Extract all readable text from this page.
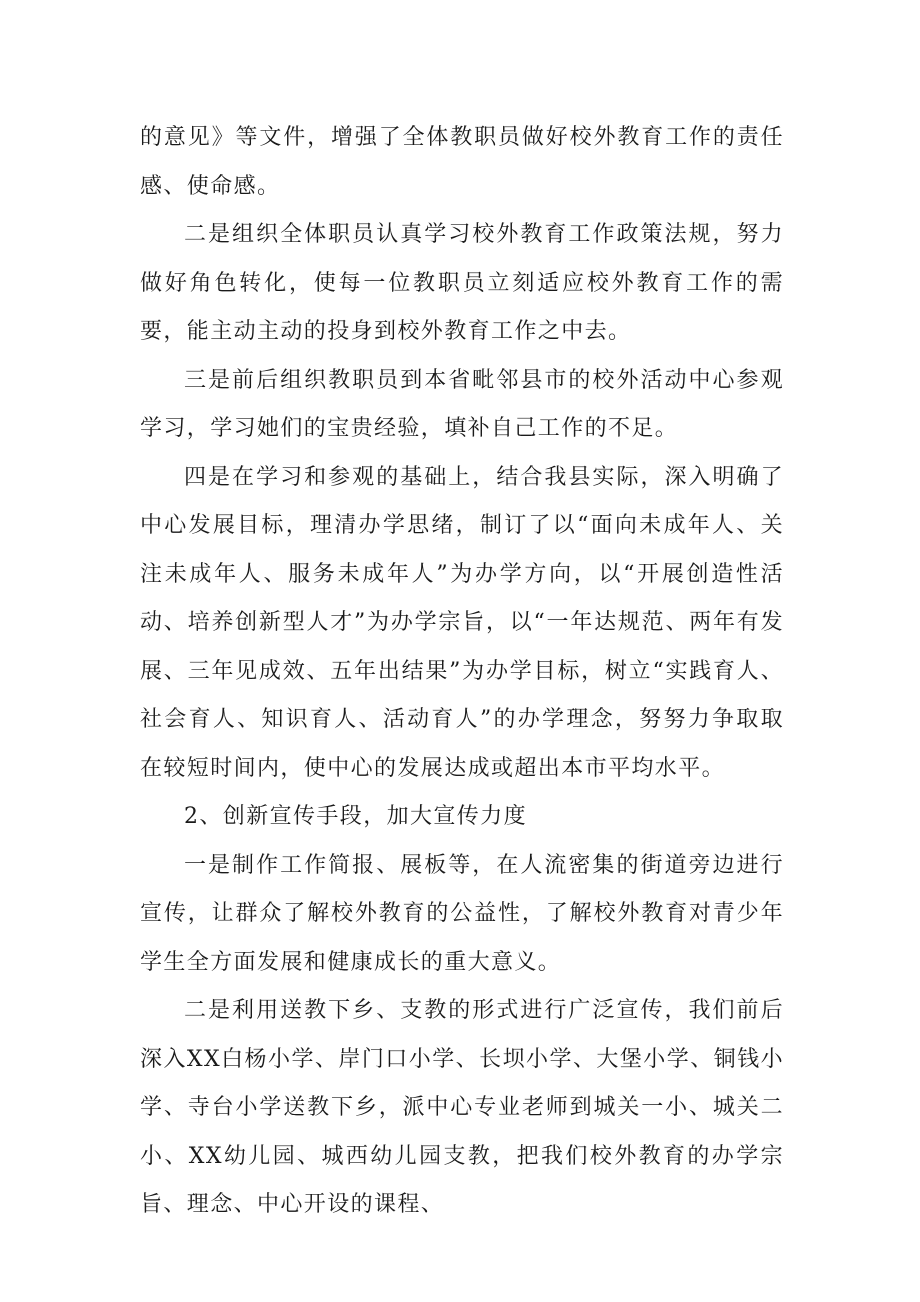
的意见》等文件，增强了全体教职员做好校外教育工作的责任感、使命感。

二是组织全体职员认真学习校外教育工作政策法规，努力做好角色转化，使每一位教职员立刻适应校外教育工作的需要，能主动主动的投身到校外教育工作之中去。

三是前后组织教职员到本省毗邻县市的校外活动中心参观学习，学习她们的宝贵经验，填补自己工作的不足。

四是在学习和参观的基础上，结合我县实际，深入明确了中心发展目标，理清办学思绪，制订了以“面向未成年人、关注未成年人、服务未成年人”为办学方向，以“开展创造性活动、培养创新型人才”为办学宗旨，以“一年达规范、两年有发展、三年见成效、五年出结果”为办学目标，树立“实践育人、社会育人、知识育人、活动育人”的办学理念，努努力争取取在较短时间内，使中心的发展达成或超出本市平均水平。

2、创新宣传手段，加大宣传力度

一是制作工作简报、展板等，在人流密集的街道旁边进行宣传，让群众了解校外教育的公益性，了解校外教育对青少年学生全方面发展和健康成长的重大意义。

二是利用送教下乡、支教的形式进行广泛宣传，我们前后深入XX白杨小学、岸门口小学、长坝小学、大堡小学、铜钱小学、寺台小学送教下乡，派中心专业老师到城关一小、城关二小、XX幼儿园、城西幼儿园支教，把我们校外教育的办学宗旨、理念、中心开设的课程、
